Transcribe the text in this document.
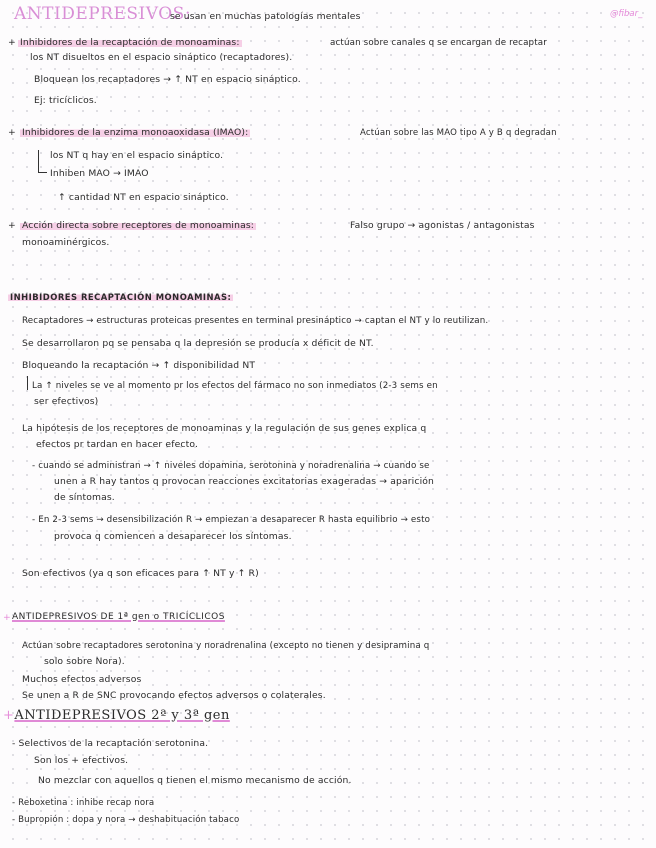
ANTIDEPRESIVOS:
se usan en muchas patologías mentales	@fibar_
+ Inhibidores de la recaptación de monoaminas:	actúan sobre canales q se encargan de recaptar
los NT disueltos en el espacio sináptico (recaptadores).
Bloquean los recaptadores → ↑ NT en espacio sináptico.
Ej: tricíclicos.
+ Inhibidores de la enzima monoaoxidasa (IMAO):	Actúan sobre las MAO tipo A y B q degradan
los NT q hay en el espacio sináptico.
Inhiben MAO → IMAO
↑ cantidad NT en espacio sináptico.
+ Acción directa sobre receptores de monoaminas:	Falso grupo → agonistas / antagonistas
monoaminérgicos.
INHIBIDORES RECAPTACIÓN MONOAMINAS:
Recaptadores → estructuras proteicas presentes en terminal presináptico → captan el NT y lo reutilizan.
Se desarrollaron pq se pensaba q la depresión se producía x déficit de NT.
Bloqueando la recaptación → ↑ disponibilidad NT
La ↑ niveles se ve al momento pr los efectos del fármaco no son inmediatos (2-3 sems en
ser efectivos)
La hipótesis de los receptores de monoaminas y la regulación de sus genes explica q
efectos pr tardan en hacer efecto.
- cuando se administran → ↑ niveles dopamina, serotonina y noradrenalina → cuando se
unen a R hay tantos q provocan reacciones excitatorias exageradas → aparición
de síntomas.
- En 2-3 sems → desensibilización R → empiezan a desaparecer R hasta equilibrio → esto
provoca q comiencen a desaparecer los síntomas.
Son efectivos (ya q son eficaces para ↑ NT y ↑ R)
+ ANTIDEPRESIVOS DE 1ª gen o TRICÍCLICOS
Actúan sobre recaptadores serotonina y noradrenalina (excepto no tienen y desipramina q
solo sobre Nora).
Muchos efectos adversos
Se unen a R de SNC provocando efectos adversos o colaterales.
+ANTIDEPRESIVOS 2ª y 3ª gen
- Selectivos de la recaptación serotonina.
Son los + efectivos.
No mezclar con aquellos q tienen el mismo mecanismo de acción.
- Reboxetina : inhibe recap nora
- Bupropión : dopa y nora → deshabituación tabaco
